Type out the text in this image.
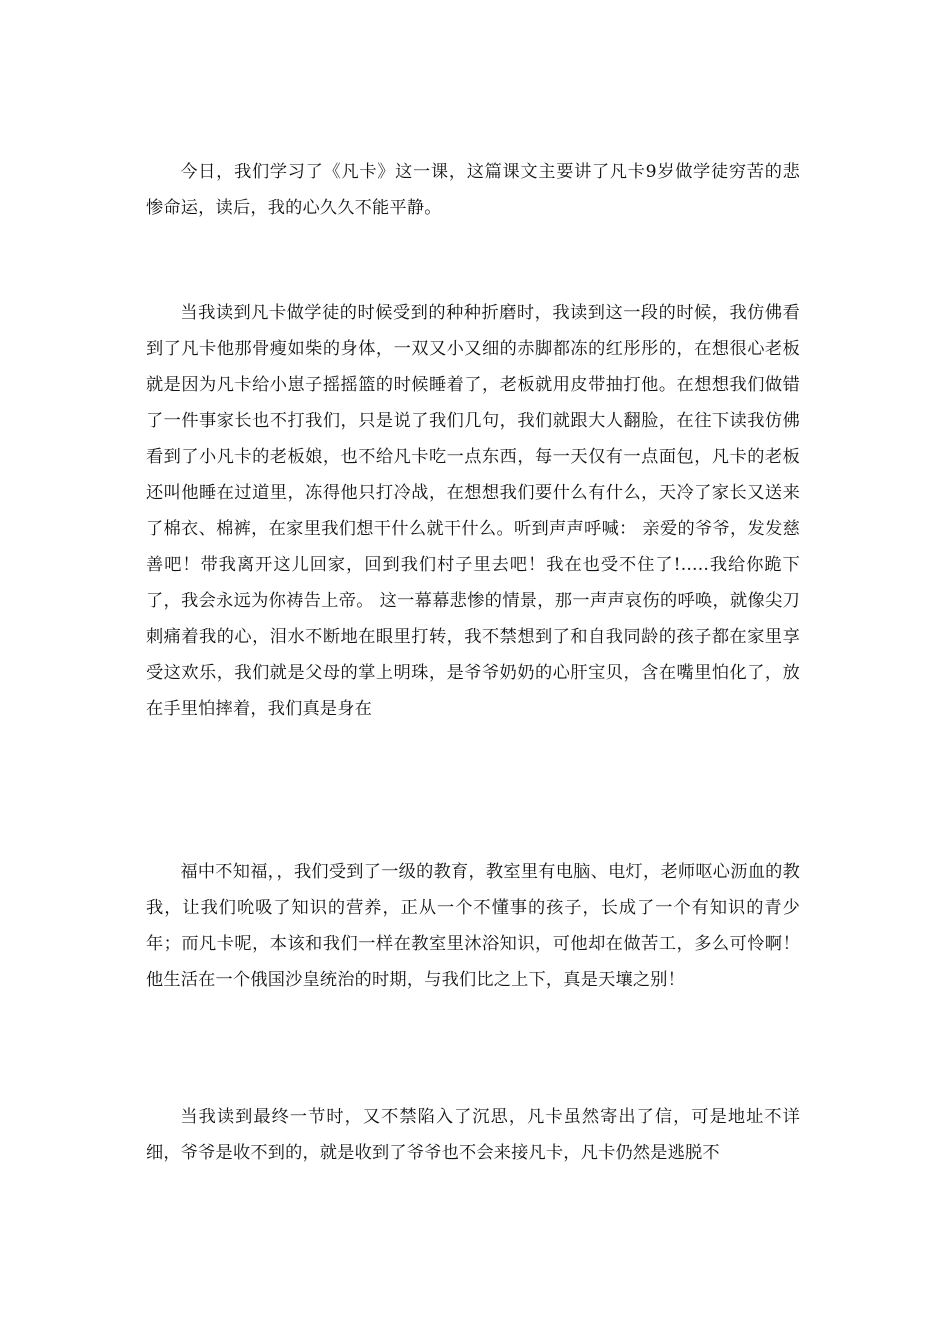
今日，我们学习了《凡卡》这一课，这篇课文主要讲了凡卡9岁做学徒穷苦的悲惨命运，读后，我的心久久不能平静。

当我读到凡卡做学徒的时候受到的种种折磨时，我读到这一段的时候，我仿佛看到了凡卡他那骨瘦如柴的身体，一双又小又细的赤脚都冻的红彤彤的，在想很心老板就是因为凡卡给小崽子摇摇篮的时候睡着了，老板就用皮带抽打他。在想想我们做错了一件事家长也不打我们，只是说了我们几句，我们就跟大人翻脸，在往下读我仿佛看到了小凡卡的老板娘，也不给凡卡吃一点东西，每一天仅有一点面包，凡卡的老板还叫他睡在过道里，冻得他只打冷战，在想想我们要什么有什么，天冷了家长又送来了棉衣、棉裤，在家里我们想干什么就干什么。听到声声呼喊： 亲爱的爷爷，发发慈善吧！带我离开这儿回家，回到我们村子里去吧！我在也受不住了!.....我给你跪下了，我会永远为你祷告上帝。 这一幕幕悲惨的情景，那一声声哀伤的呼唤，就像尖刀刺痛着我的心，泪水不断地在眼里打转，我不禁想到了和自我同龄的孩子都在家里享受这欢乐，我们就是父母的掌上明珠，是爷爷奶奶的心肝宝贝，含在嘴里怕化了，放在手里怕摔着，我们真是身在

福中不知福，，我们受到了一级的教育，教室里有电脑、电灯，老师呕心沥血的教我，让我们吮吸了知识的营养，正从一个不懂事的孩子，长成了一个有知识的青少年；而凡卡呢，本该和我们一样在教室里沐浴知识，可他却在做苦工，多么可怜啊！他生活在一个俄国沙皇统治的时期，与我们比之上下，真是天壤之别！

当我读到最终一节时，又不禁陷入了沉思，凡卡虽然寄出了信，可是地址不详细，爷爷是收不到的，就是收到了爷爷也不会来接凡卡，凡卡仍然是逃脱不
